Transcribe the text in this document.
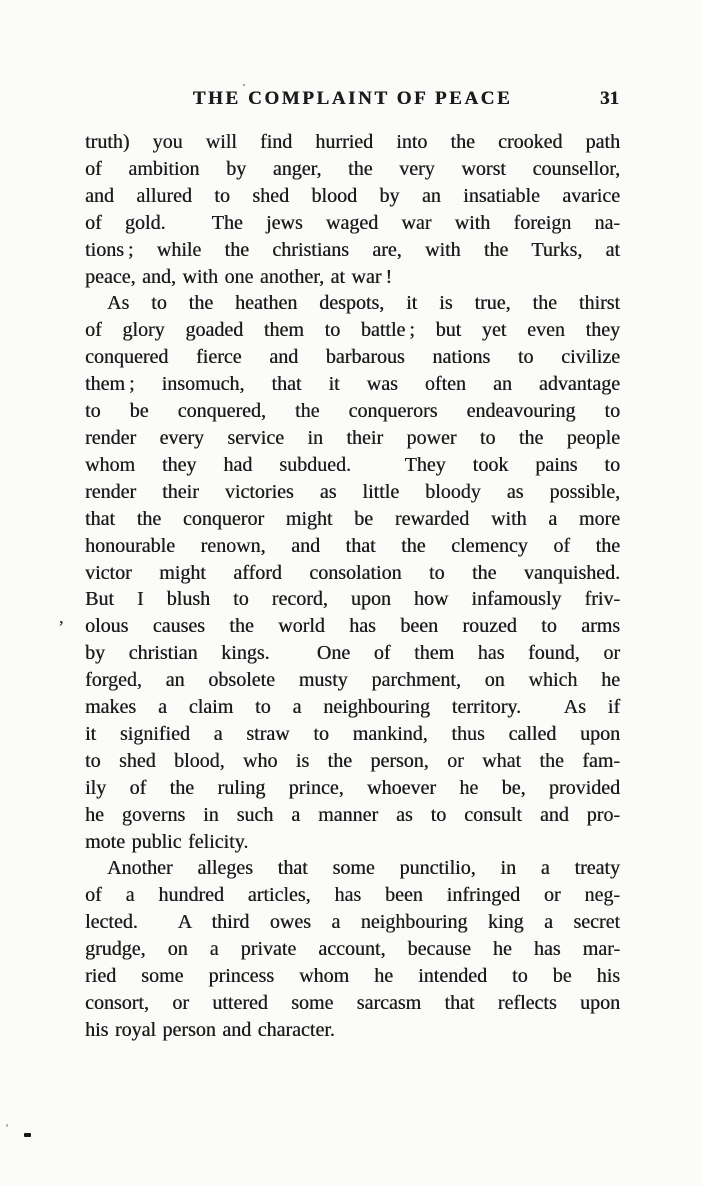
THE COMPLAINT OF PEACE	31
truth) you will find hurried into the crooked path
of ambition by anger, the very worst counsellor,
and allured to shed blood by an insatiable avarice
of gold.  The jews waged war with foreign na-
tions ; while the christians are, with the Turks, at
peace, and, with one another, at war !
As to the heathen despots, it is true, the thirst
of glory goaded them to battle ; but yet even they
conquered fierce and barbarous nations to civilize
them ; insomuch, that it was often an advantage
to be conquered, the conquerors endeavouring to
render every service in their power to the people
whom they had subdued.  They took pains to
render their victories as little bloody as possible,
that the conqueror might be rewarded with a more
honourable renown, and that the clemency of the
victor might afford consolation to the vanquished.
But I blush to record, upon how infamously friv-
olous causes the world has been rouzed to arms
by christian kings.  One of them has found, or
forged, an obsolete musty parchment, on which he
makes a claim to a neighbouring territory.  As if
it signified a straw to mankind, thus called upon
to shed blood, who is the person, or what the fam-
ily of the ruling prince, whoever he be, provided
he governs in such a manner as to consult and pro-
mote public felicity.
Another alleges that some punctilio, in a treaty
of a hundred articles, has been infringed or neg-
lected.  A third owes a neighbouring king a secret
grudge, on a private account, because he has mar-
ried some princess whom he intended to be his
consort, or uttered some sarcasm that reflects upon
his royal person and character.
’
